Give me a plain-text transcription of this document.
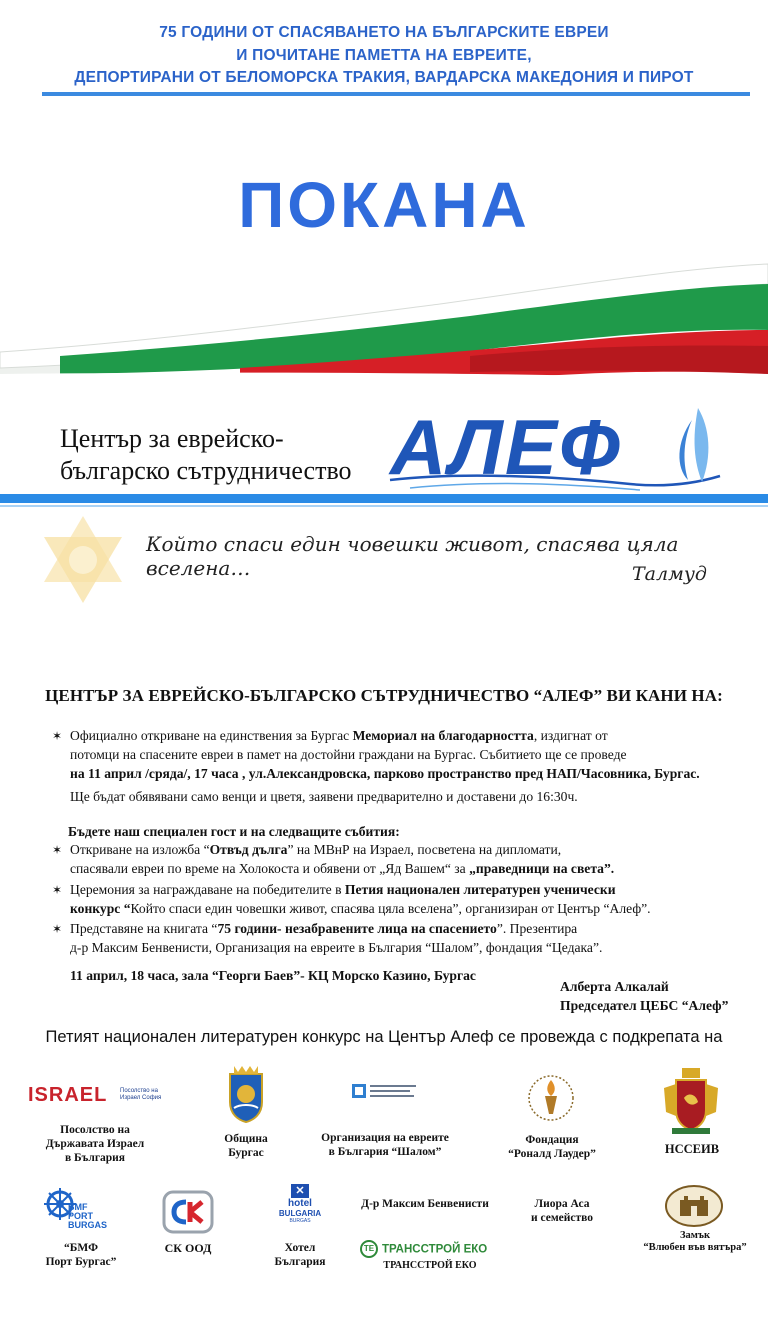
75 ГОДИНИ ОТ СПАСЯВАНЕТО НА БЪЛГАРСКИТЕ ЕВРЕИ
И ПОЧИТАНЕ ПАМЕТТА НА ЕВРЕИТЕ,
ДЕПОРТИРАНИ ОТ БЕЛОМОРСКА ТРАКИЯ, ВАРДАРСКА МАКЕДОНИЯ И ПИРОТ
ПОКАНА
Център за еврейско-
българско сътрудничество АЛЕФ
Който спаси един човешки живот, спасява цяла вселена…	Талмуд
ЦЕНТЪР ЗА ЕВРЕЙСКО-БЪЛГАРСКО СЪТРУДНИЧЕСТВО “АЛЕФ” ВИ КАНИ НА:
✶ Официално откриване на единствения за Бургас Мемориал на благодарността, издигнат от
потомци на спасените евреи в памет на достойни граждани на Бургас. Събитието ще се проведе
на 11 април /сряда/, 17 часа , ул.Александровска, парково пространство пред НАП/Часовника, Бургас.
Ще бъдат обявявани само венци и цветя, заявени предварително и доставени до 16:30ч.
Бъдете наш специален гост и на следващите събития:
✶ Откриване на изложба “Отвъд дълга” на МВнР на Израел, посветена на дипломати,
спасявали евреи по време на Холокоста и обявени от „Яд Вашем“ за „праведници на света”.
✶ Церемония за награждаване на победителите в Петия национален литературен ученически
конкурс “Който спаси един човешки живот, спасява цяла вселена”, организиран от Център “Алеф”.
✶ Представяне на книгата “75 години- незабравените лица на спасението”. Презентира
д-р Максим Бенвенисти, Организация на евреите в България “Шалом”, фондация “Цедака”.
11 април, 18 часа, зала “Георги Баев”- КЦ Морско Казино, Бургас
Алберта Алкалай
Председател ЦЕБС “Алеф”
Петият национален литературен конкурс на Център Алеф се провежда с подкрепата на
ISRAEL Посолство на Израел София
Посолство на
Държавата Израел
в България
Община
Бургас
Организация на евреите
в България “Шалом”
Фондация
“Роналд Лаудер”	НССЕИВ
BMF
PORT
BURGAS
“БМФ
Порт Бургас”
СК ООД
✕
hotel
BULGARIA
BURGAS
Хотел
България
Д-р Максим Бенвенисти
TE ТРАНССТРОЙ ЕКО
ТРАНССТРОЙ ЕКО
Лиора Аса
и семейство
Замък
“Влюбен във вятъра”
